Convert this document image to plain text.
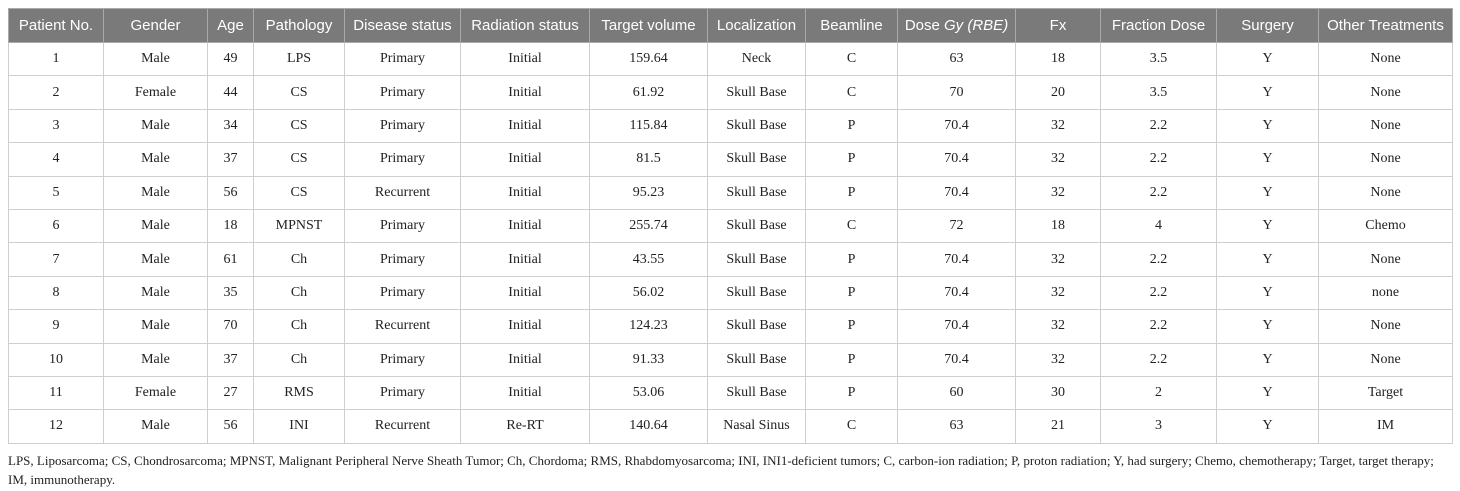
Patient No.	Gender	Age	Pathology	Disease status	Radiation status	Target volume	Localization	Beamline	Dose Gy (RBE)	Fx	Fraction Dose	Surgery	Other Treatments
1	Male	49	LPS	Primary	Initial	159.64	Neck	C	63	18	3.5	Y	None
2	Female	44	CS	Primary	Initial	61.92	Skull Base	C	70	20	3.5	Y	None
3	Male	34	CS	Primary	Initial	115.84	Skull Base	P	70.4	32	2.2	Y	None
4	Male	37	CS	Primary	Initial	81.5	Skull Base	P	70.4	32	2.2	Y	None
5	Male	56	CS	Recurrent	Initial	95.23	Skull Base	P	70.4	32	2.2	Y	None
6	Male	18	MPNST	Primary	Initial	255.74	Skull Base	C	72	18	4	Y	Chemo
7	Male	61	Ch	Primary	Initial	43.55	Skull Base	P	70.4	32	2.2	Y	None
8	Male	35	Ch	Primary	Initial	56.02	Skull Base	P	70.4	32	2.2	Y	none
9	Male	70	Ch	Recurrent	Initial	124.23	Skull Base	P	70.4	32	2.2	Y	None
10	Male	37	Ch	Primary	Initial	91.33	Skull Base	P	70.4	32	2.2	Y	None
11	Female	27	RMS	Primary	Initial	53.06	Skull Base	P	60	30	2	Y	Target
12	Male	56	INI	Recurrent	Re-RT	140.64	Nasal Sinus	C	63	21	3	Y	IM
LPS, Liposarcoma; CS, Chondrosarcoma; MPNST, Malignant Peripheral Nerve Sheath Tumor; Ch, Chordoma; RMS, Rhabdomyosarcoma; INI, INI1-deficient tumors; C, carbon-ion radiation; P, proton radiation; Y, had surgery; Chemo, chemotherapy; Target, target therapy; IM, immunotherapy.
